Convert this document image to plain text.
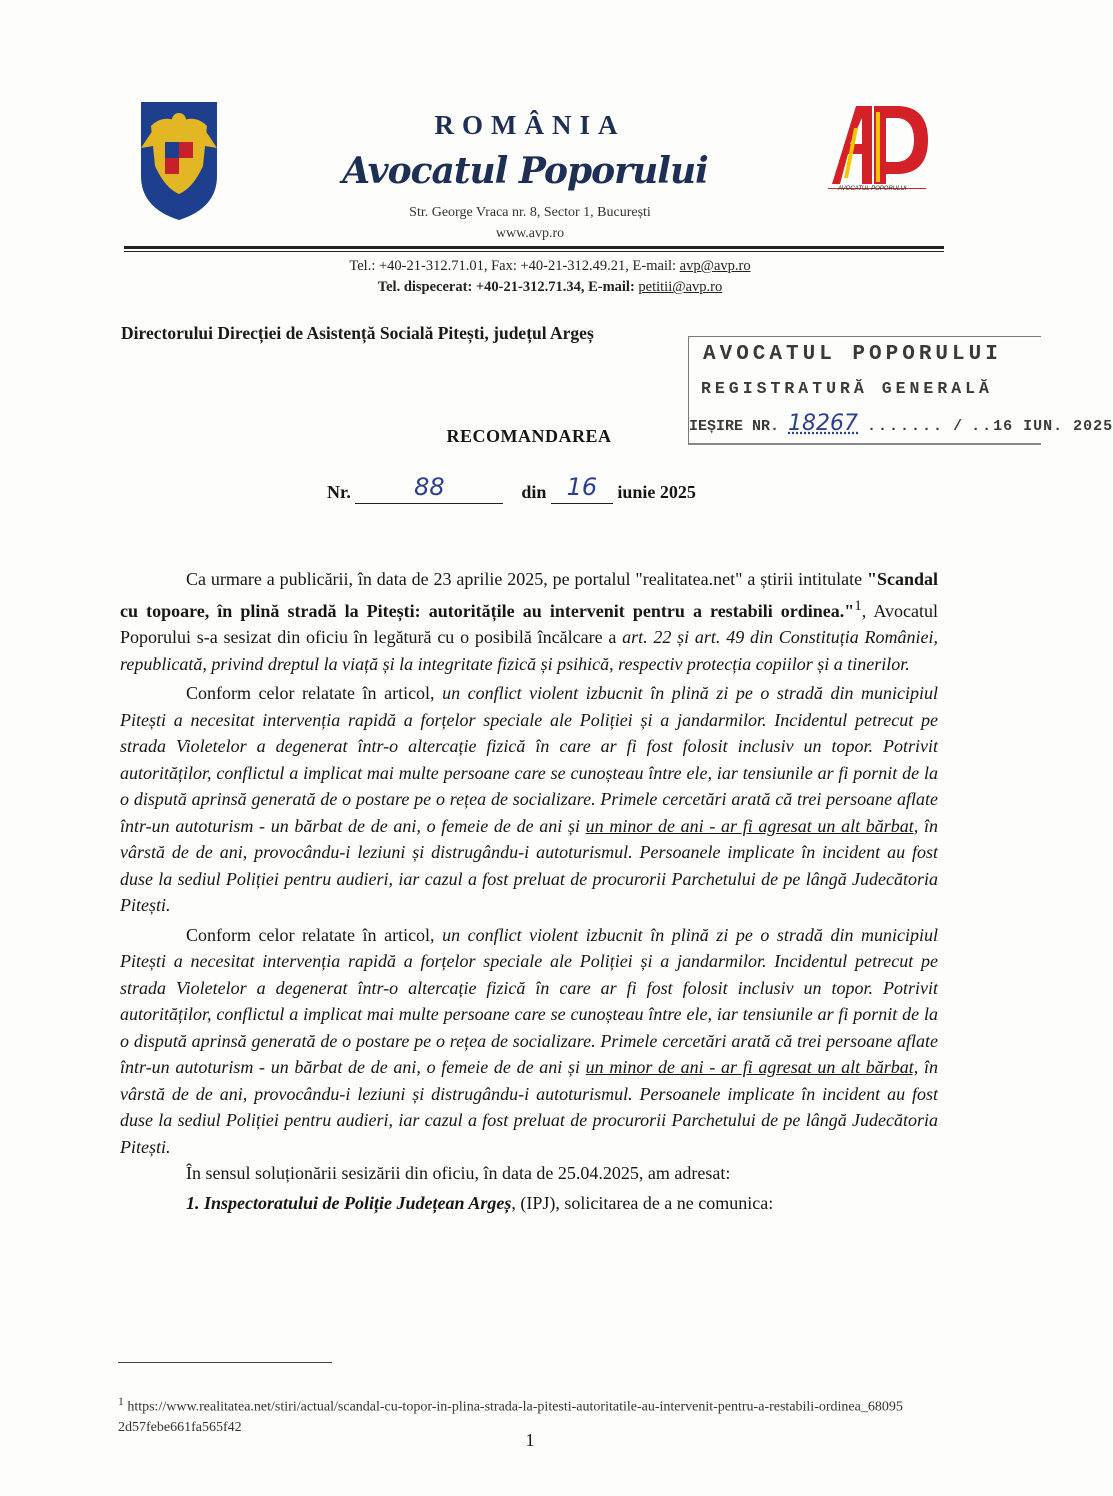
AVOCATUL POPORULUI
ROMÂNIA
Avocatul Poporului
Str. George Vraca nr. 8, Sector 1, București
www.avp.ro
Tel.: +40-21-312.71.01, Fax: +40-21-312.49.21, E-mail: avp@avp.ro
Tel. dispecerat: +40-21-312.71.34, E-mail: petitii@avp.ro
Directorului Direcției de Asistență Socială Pitești, județul Argeș
AVOCATUL POPORULUI
REGISTRATURĂ GENERALĂ
IEȘIRE NR. 18267 ....... / ..16 IUN. 2025
RECOMANDAREA
Nr.	88	din 16	iunie 2025

Ca urmare a publicării, în data de 23 aprilie 2025, pe portalul "realitatea.net" a știrii intitulate "Scandal cu topoare, în plină stradă la Pitești: autoritățile au intervenit pentru a restabili ordinea."$^1$, Avocatul Poporului s-a sesizat din oficiu în legătură cu o posibilă încălcare a art. 22 și art. 49 din Constituția României, republicată, privind dreptul la viață și la integritate fizică și psihică, respectiv protecția copiilor și a tinerilor.

Conform celor relatate în articol, un conflict violent izbucnit în plină zi pe o stradă din municipiul Pitești a necesitat intervenția rapidă a forțelor speciale ale Poliției și a jandarmilor. Incidentul petrecut pe strada Violetelor a degenerat într-o altercație fizică în care ar fi fost folosit inclusiv un topor. Potrivit autorităților, conflictul a implicat mai multe persoane care se cunoșteau între ele, iar tensiunile ar fi pornit de la o dispută aprinsă generată de o postare pe o rețea de socializare. Primele cercetări arată că trei persoane aflate într-un autoturism - un bărbat de de ani, o femeie de de ani și un minor de ani - ar fi agresat un alt bărbat, în vârstă de de ani, provocându-i leziuni și distrugându-i autoturismul. Persoanele implicate în incident au fost duse la sediul Poliției pentru audieri, iar cazul a fost preluat de procurorii Parchetului de pe lângă Judecătoria Pitești.

Conform celor relatate în articol, un conflict violent izbucnit în plină zi pe o stradă din municipiul Pitești a necesitat intervenția rapidă a forțelor speciale ale Poliției și a jandarmilor. Incidentul petrecut pe strada Violetelor a degenerat într-o altercație fizică în care ar fi fost folosit inclusiv un topor. Potrivit autorităților, conflictul a implicat mai multe persoane care se cunoșteau între ele, iar tensiunile ar fi pornit de la o dispută aprinsă generată de o postare pe o rețea de socializare. Primele cercetări arată că trei persoane aflate într-un autoturism - un bărbat de de ani, o femeie de de ani și un minor de ani - ar fi agresat un alt bărbat, în vârstă de de ani, provocându-i leziuni și distrugându-i autoturismul. Persoanele implicate în incident au fost duse la sediul Poliției pentru audieri, iar cazul a fost preluat de procurorii Parchetului de pe lângă Judecătoria Pitești.

În sensul soluționării sesizării din oficiu, în data de 25.04.2025, am adresat:

1. Inspectoratului de Poliție Județean Argeș, (IPJ), solicitarea de a ne comunica:

$^1$ https://www.realitatea.net/stiri/actual/scandal-cu-topor-in-plina-strada-la-pitesti-autoritatile-au-intervenit-pentru-a-restabili-ordinea_680952d57febe661fa565f42
1
